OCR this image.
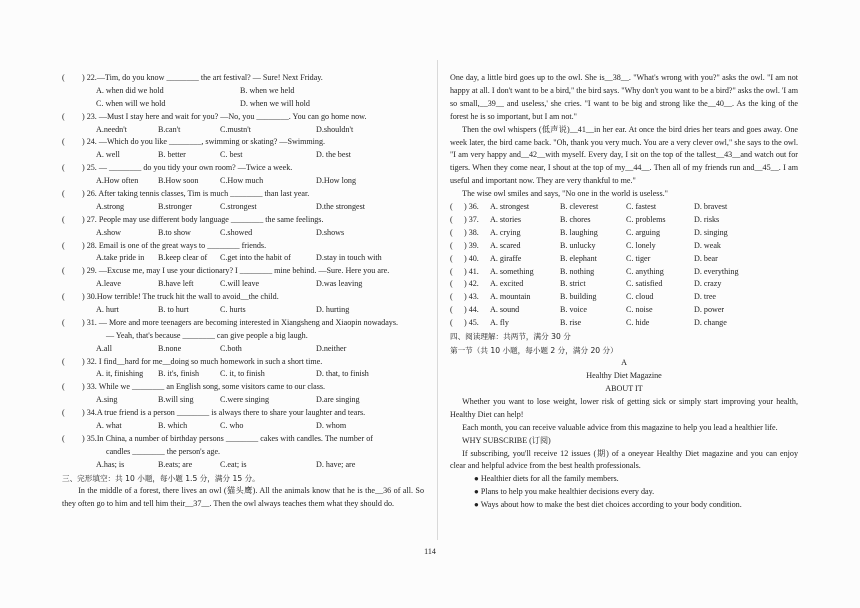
( ) 22.—Tim, do you know ________ the art festival? — Sure! Next Friday.
A. when did we hold	B. when we held
C. when will we hold	D. when we will hold
( ) 23. —Must I stay here and wait for you? —No, you ________. You can go home now.
A.needn't	B.can't	C.mustn't	D.shouldn't
( ) 24. —Which do you like ________, swimming or skating? —Swimming.
A. well	B. better	C. best	D. the best
( ) 25. — ________ do you tidy your own room? —Twice a week.
A.How often B.How soon	C.How much	D.How long
( ) 26. After taking tennis classes, Tim is much ________ than last year.
A.strong	B.stronger	C.strongest	D.the strongest
( ) 27. People may use different body language ________ the same feelings.
A.show	B.to show	C.showed	D.shows
( ) 28. Email is one of the great ways to ________ friends.
A.take pride in B.keep clear of C.get into the habit of	D.stay in touch with
( ) 29. —Excuse me, may I use your dictionary? I ________ mine behind. —Sure. Here you are.
A.leave	B.have left	C.will leave	D.was leaving
( ) 30.How terrible! The truck hit the wall to avoid__the child.
A. hurt	B. to hurt	C. hurts	D. hurting
( ) 31. — More and more teenagers are becoming interested in Xiangsheng and Xiaopin nowadays.
— Yeah, that's because ________ can give people a big laugh.
A.all	B.none	C.both	D.neither
( ) 32. I find__hard for me__doing so much homework in such a short time.
A. it, finishing B. it's, finish	C. it, to finish	D. that, to finish
( ) 33. While we ________ an English song, some visitors came to our class.
A.sing	B.will sing	C.were singing	D.are singing
( ) 34.A true friend is a person ________ is always there to share your laughter and tears.
A. what	B. which	C. who	D. whom
( ) 35.In China, a number of birthday persons ________ cakes with candles. The number of
candles ________ the person's age.
A.has; is	B.eats; are	C.eat; is	D. have; are
三、完形填空：共 10 小题，每小题 1.5 分，满分 15 分。

In the middle of a forest, there lives an owl (猫头鹰). All the animals know that he is the__36 of all. So they often go to him and tell him their__37__. Then the owl always teaches them what they should do.

One day, a little bird goes up to the owl. She is__38__. "What's wrong with you?" asks the owl. "I am not happy at all. I don't want to be a bird," the bird says. "Why don't you want to be a bird?" asks the owl. 'I am so small,__39__ and useless,' she cries. "I want to be big and strong like the__40__. As the king of the forest he is so important, but I am not."

Then the owl whispers (低声说)__41__in her ear. At once the bird dries her tears and goes away. One week later, the bird came back. "Oh, thank you very much. You are a very clever owl," she says to the owl. "I am very happy and__42__with myself. Every day, I sit on the top of the tallest__43__and watch out for tigers. When they come near, I shout at the top of my__44__. Then all of my friends run and__45__. I am useful and important now. They are very thankful to me."

The wise owl smiles and says, "No one in the world is useless."

( ) 36. A. strongest	B. cleverest	C. fastest	D. bravest
( ) 37. A. stories	B. chores	C. problems	D. risks
( ) 38. A. crying	B. laughing	C. arguing	D. singing
( ) 39. A. scared	B. unlucky	C. lonely	D. weak
( ) 40. A. giraffe	B. elephant	C. tiger	D. bear
( ) 41. A. something	B. nothing	C. anything	D. everything
( ) 42. A. excited	B. strict	C. satisfied	D. crazy
( ) 43. A. mountain	B. building	C. cloud	D. tree
( ) 44. A. sound	B. voice	C. noise	D. power
( ) 45. A. fly	B. rise	C. hide	D. change
四、阅读理解：共两节，满分 30 分
第一节（共 10 小题，每小题 2 分，满分 20 分）
A
Healthy Diet Magazine
ABOUT IT

Whether you want to lose weight, lower risk of getting sick or simply start improving your health, Healthy Diet can help!

Each month, you can receive valuable advice from this magazine to help you lead a healthier life.

WHY SUBSCRIBE (订阅)

If subscribing, you'll receive 12 issues (期) of a oneyear Healthy Diet magazine and you can enjoy clear and helpful advice from the best health professionals.

● Healthier diets for all the family members.
● Plans to help you make healthier decisions every day.
● Ways about how to make the best diet choices according to your body condition.
114
